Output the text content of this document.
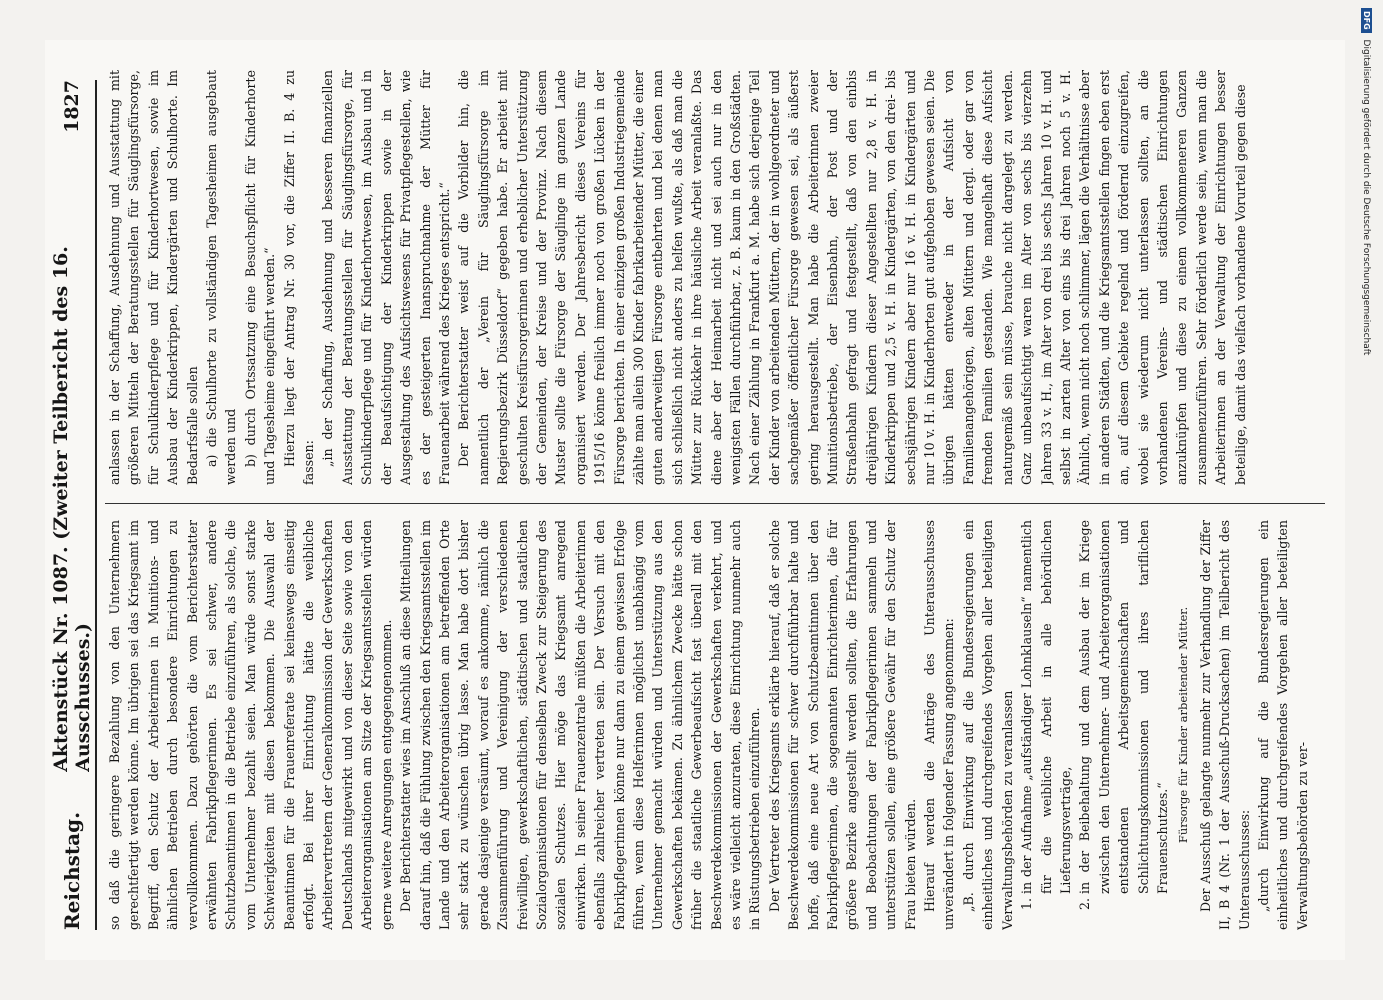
Reichstag.
Aktenstück Nr. 1087. (Zweiter Teilbericht des 16. Ausschusses.)
1827

so daß die geringere Bezahlung von den Unternehmern gerechtfertigt werden könne. Im übrigen sei das Kriegsamt im Begriff, den Schutz der Arbeiterinnen in Munitions- und ähnlichen Betrieben durch besondere Einrichtungen zu vervollkommnen. Dazu gehörten die vom Berichterstatter erwähnten Fabrikpflegerinnen. Es sei schwer, andere Schutzbeamtinnen in die Betriebe einzuführen, als solche, die vom Unternehmer bezahlt seien. Man würde sonst starke Schwierigkeiten mit diesen bekommen. Die Auswahl der Beamtinnen für die Frauenreferate sei keineswegs einseitig erfolgt. Bei ihrer Einrichtung hätte die weibliche Arbeitervertretern der Generalkommission der Gewerkschaften Deutschlands mitgewirkt und von dieser Seite sowie von den Arbeiterorganisationen am Sitze der Kriegsamtsstellen würden gerne weitere Anregungen entgegengenommen. Der Berichterstatter wies im Anschluß an diese Mitteilungen darauf hin, daß die Fühlung zwischen den Kriegsamtsstellen im Lande und den Arbeiterorganisationen am betreffenden Orte sehr stark zu wünschen übrig lasse. Man habe dort bisher gerade dasjenige versäumt, worauf es ankomme, nämlich die Zusammenführung und Vereinigung der verschiedenen freiwilligen, gewerkschaftlichen, städtischen und staatlichen Sozialorganisationen für denselben Zweck zur Steigerung des sozialen Schutzes. Hier möge das Kriegsamt anregend einwirken. In seiner Frauenzentrale müßten die Arbeiterinnen ebenfalls zahlreicher vertreten sein. Der Versuch mit den Fabrikpflegerinnen könne nur dann zu einem gewissen Erfolge führen, wenn diese Helferinnen möglichst unabhängig vom Unternehmer gemacht würden und Unterstützung aus den Gewerkschaften bekämen. Zu ähnlichem Zwecke hätte schon früher die staatliche Gewerbeaufsicht fast überall mit den Beschwerdekommissionen der Gewerkschaften verkehrt, und es wäre vielleicht anzuraten, diese Einrichtung nunmehr auch in Rüstungsbetrieben einzuführen. Der Vertreter des Kriegsamts erklärte hierauf, daß er solche Beschwerdekommissionen für schwer durchführbar halte und hoffe, daß eine neue Art von Schutzbeamtinnen über den Fabrikpflegerinnen, die sogenannten Einrichterinnen, die für größere Bezirke angestellt werden sollten, die Erfahrungen und Beobachtungen der Fabrikpflegerinnen sammeln und unterstützen sollen, eine größere Gewähr für den Schutz der Frau bieten würden. Hierauf werden die Anträge des Unterausschusses unverändert in folgender Fassung angenommen: „B. durch Einwirkung auf die Bundesregierungen ein einheitliches und durchgreifendes Vorgehen aller beteiligten Verwaltungsbehörden zu veranlassen 1. in der Aufnahme „aufständiger Lohnklauseln“ namentlich für die weibliche Arbeit in alle behördlichen Lieferungsverträge, 2. in der Beibehaltung und dem Ausbau der im Kriege zwischen den Unternehmer- und Arbeiterorganisationen entstandenen Arbeitsgemeinschaften und Schlichtungskommissionen und ihres tariflichen Frauenschutzes.“ Fürsorge für Kinder arbeitender Mütter. Der Ausschuß gelangte nunmehr zur Verhandlung der Ziffer II, B 4 (Nr. 1 der Ausschuß-Drucksachen) im Teilbericht des Unterausschusses: „durch Einwirkung auf die Bundesregierungen ein einheitliches und durchgreifendes Vorgehen aller beteiligten Verwaltungsbehörden zu ver-

anlassen in der Schaffung, Ausdehnung und Ausstattung mit größeren Mitteln der Beratungsstellen für Säuglingsfürsorge, für Schulkinderpflege und für Kinderhortwesen, sowie im Ausbau der Kinderkrippen, Kindergärten und Schulhorte. Im Bedarfsfalle sollen a) die Schulhorte zu vollständigen Tagesheimen ausgebaut werden und b) durch Ortssatzung eine Besuchspflicht für Kinderhorte und Tagesheime eingeführt werden.“ Hierzu liegt der Antrag Nr. 30 vor, die Ziffer II. B. 4 zu fassen: „in der Schaffung, Ausdehnung und besseren finanziellen Ausstattung der Beratungsstellen für Säuglingsfürsorge, für Schulkinderpflege und für Kinderhortwesen, im Ausbau und in der Beaufsichtigung der Kinderkrippen sowie in der Ausgestaltung des Aufsichtswesens für Privatpflegestellen, wie es der gesteigerten Inanspruchnahme der Mütter für Frauenarbeit während des Krieges entspricht.“ Der Berichterstatter weist auf die Vorbilder hin, die namentlich der „Verein für Säuglingsfürsorge im Regierungsbezirk Düsseldorf“ gegeben habe. Er arbeitet mit geschulten Kreisfürsorgerinnen und erheblicher Unterstützung der Gemeinden, der Kreise und der Provinz. Nach diesem Muster sollte die Fürsorge der Säuglinge im ganzen Lande organisiert werden. Der Jahresbericht dieses Vereins für 1915/16 könne freilich immer noch von großen Lücken in der Fürsorge berichten. In einer einzigen großen Industriegemeinde zählte man allein 300 Kinder fabrikarbeitender Mütter, die einer guten anderweitigen Fürsorge entbehrten und bei denen man sich schließlich nicht anders zu helfen wußte, als daß man die Mütter zur Rückkehr in ihre häusliche Arbeit veranlaßte. Das diene aber der Heimarbeit nicht und sei auch nur in den wenigsten Fällen durchführbar, z. B. kaum in den Großstädten. Nach einer Zählung in Frankfurt a. M. habe sich derjenige Teil der Kinder von arbeitenden Müttern, der in wohlgeordneter und sachgemäßer öffentlicher Fürsorge gewesen sei, als äußerst gering herausgestellt. Man habe die Arbeiterinnen zweier Munitionsbetriebe, der Eisenbahn, der Post und der Straßenbahn gefragt und festgestellt, daß von den einbis dreijährigen Kindern dieser Angestellten nur 2,8 v. H. in Kinderkrippen und 2,5 v. H. in Kindergärten, von den drei- bis sechsjährigen Kindern aber nur 16 v. H. in Kindergärten und nur 10 v. H. in Kinderhorten gut aufgehoben gewesen seien. Die übrigen hätten entweder in der Aufsicht von Familienangehörigen, alten Müttern und dergl. oder gar von fremden Familien gestanden. Wie mangelhaft diese Aufsicht naturgemäß sein müsse, brauche nicht dargelegt zu werden. Ganz unbeaufsichtigt waren im Alter von sechs bis vierzehn Jahren 33 v. H., im Alter von drei bis sechs Jahren 10 v. H. und selbst in zarten Alter von eins bis drei Jahren noch 5 v. H. Ähnlich, wenn nicht noch schlimmer, lägen die Verhältnisse aber in anderen Städten, und die Kriegsamtsstellen fingen eben erst an, auf diesem Gebiete regelnd und fördernd einzugreifen, wobei sie wiederum nicht unterlassen sollten, an die vorhandenen Vereins- und städtischen Einrichtungen anzuknüpfen und diese zu einem vollkommeneren Ganzen zusammenzuführen. Sehr förderlich werde sein, wenn man die Arbeiterinnen an der Verwaltung der Einrichtungen besser beteilige, damit das vielfach vorhandene Vorurteil gegen diese

DFG Digitalisierung gefördert durch die Deutsche Forschungsgemeinschaft
